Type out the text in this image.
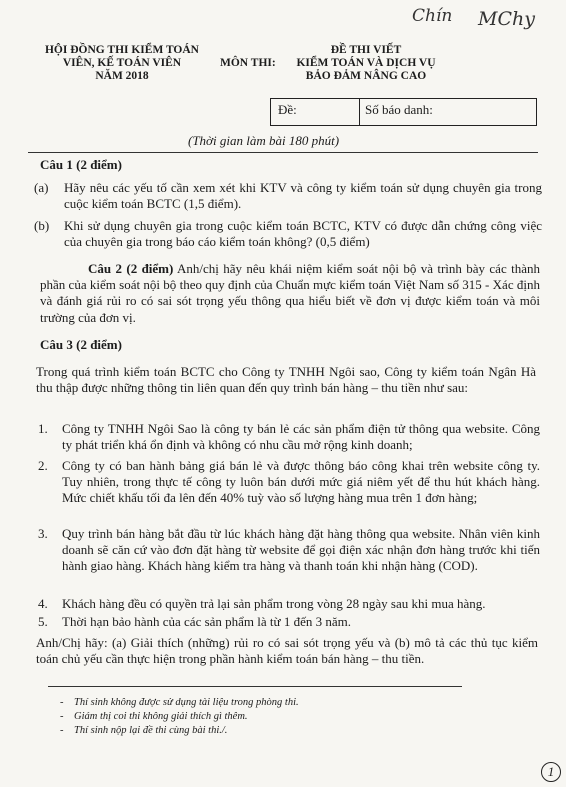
Chín MChy
HỘI ĐỒNG THI KIỂM TOÁN
VIÊN, KẾ TOÁN VIÊN
NĂM 2018
MÔN THI:
ĐỀ THI VIẾT
KIỂM TOÁN VÀ DỊCH VỤ
BẢO ĐẢM NÂNG CAO
Đề:	Số báo danh:
(Thời gian làm bài 180 phút)
Câu 1 (2 điểm)
(a) Hãy nêu các yếu tố cần xem xét khi KTV và công ty kiểm toán sử dụng chuyên gia trong cuộc kiểm toán BCTC (1,5 điểm).
(b) Khi sử dụng chuyên gia trong cuộc kiểm toán BCTC, KTV có được dẫn chứng công việc của chuyên gia trong báo cáo kiểm toán không? (0,5 điểm)
Câu 2 (2 điểm) Anh/chị hãy nêu khái niệm kiểm soát nội bộ và trình bày các thành phần của kiểm soát nội bộ theo quy định của Chuẩn mực kiểm toán Việt Nam số 315 - Xác định và đánh giá rủi ro có sai sót trọng yếu thông qua hiểu biết về đơn vị được kiểm toán và môi trường của đơn vị.
Câu 3 (2 điểm)
Trong quá trình kiểm toán BCTC cho Công ty TNHH Ngôi sao, Công ty kiểm toán Ngân Hà thu thập được những thông tin liên quan đến quy trình bán hàng – thu tiền như sau:
1. Công ty TNHH Ngôi Sao là công ty bán lẻ các sản phẩm điện tử thông qua website. Công ty phát triển khá ổn định và không có nhu cầu mở rộng kinh doanh;
2. Công ty có ban hành bảng giá bán lẻ và được thông báo công khai trên website công ty. Tuy nhiên, trong thực tế công ty luôn bán dưới mức giá niêm yết để thu hút khách hàng. Mức chiết khấu tối đa lên đến 40% tuỳ vào số lượng hàng mua trên 1 đơn hàng;
3. Quy trình bán hàng bắt đầu từ lúc khách hàng đặt hàng thông qua website. Nhân viên kinh doanh sẽ căn cứ vào đơn đặt hàng từ website để gọi điện xác nhận đơn hàng trước khi tiến hành giao hàng. Khách hàng kiểm tra hàng và thanh toán khi nhận hàng (COD).
4. Khách hàng đều có quyền trả lại sản phẩm trong vòng 28 ngày sau khi mua hàng.
5. Thời hạn bảo hành của các sản phẩm là từ 1 đến 3 năm.
Anh/Chị hãy: (a) Giải thích (những) rủi ro có sai sót trọng yếu và (b) mô tả các thủ tục kiểm toán chủ yếu cần thực hiện trong phần hành kiểm toán bán hàng – thu tiền.
- Thí sinh không được sử dụng tài liệu trong phòng thi.
- Giám thị coi thi không giải thích gì thêm.
- Thí sinh nộp lại đề thi cùng bài thi./.
1
